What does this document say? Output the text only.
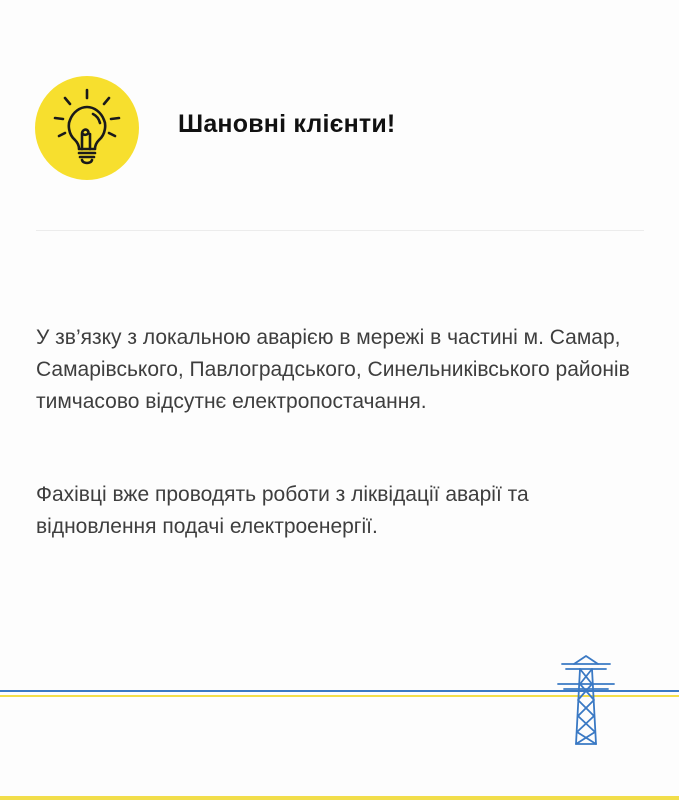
Шановні клієнти!

У зв’язку з локальною аварією в мережі в частині м. Самар, Самарівського, Павлоградського, Синельниківського районів тимчасово відсутнє електропостачання.

Фахівці вже проводять роботи з ліквідації аварії та відновлення подачі електроенергії.
